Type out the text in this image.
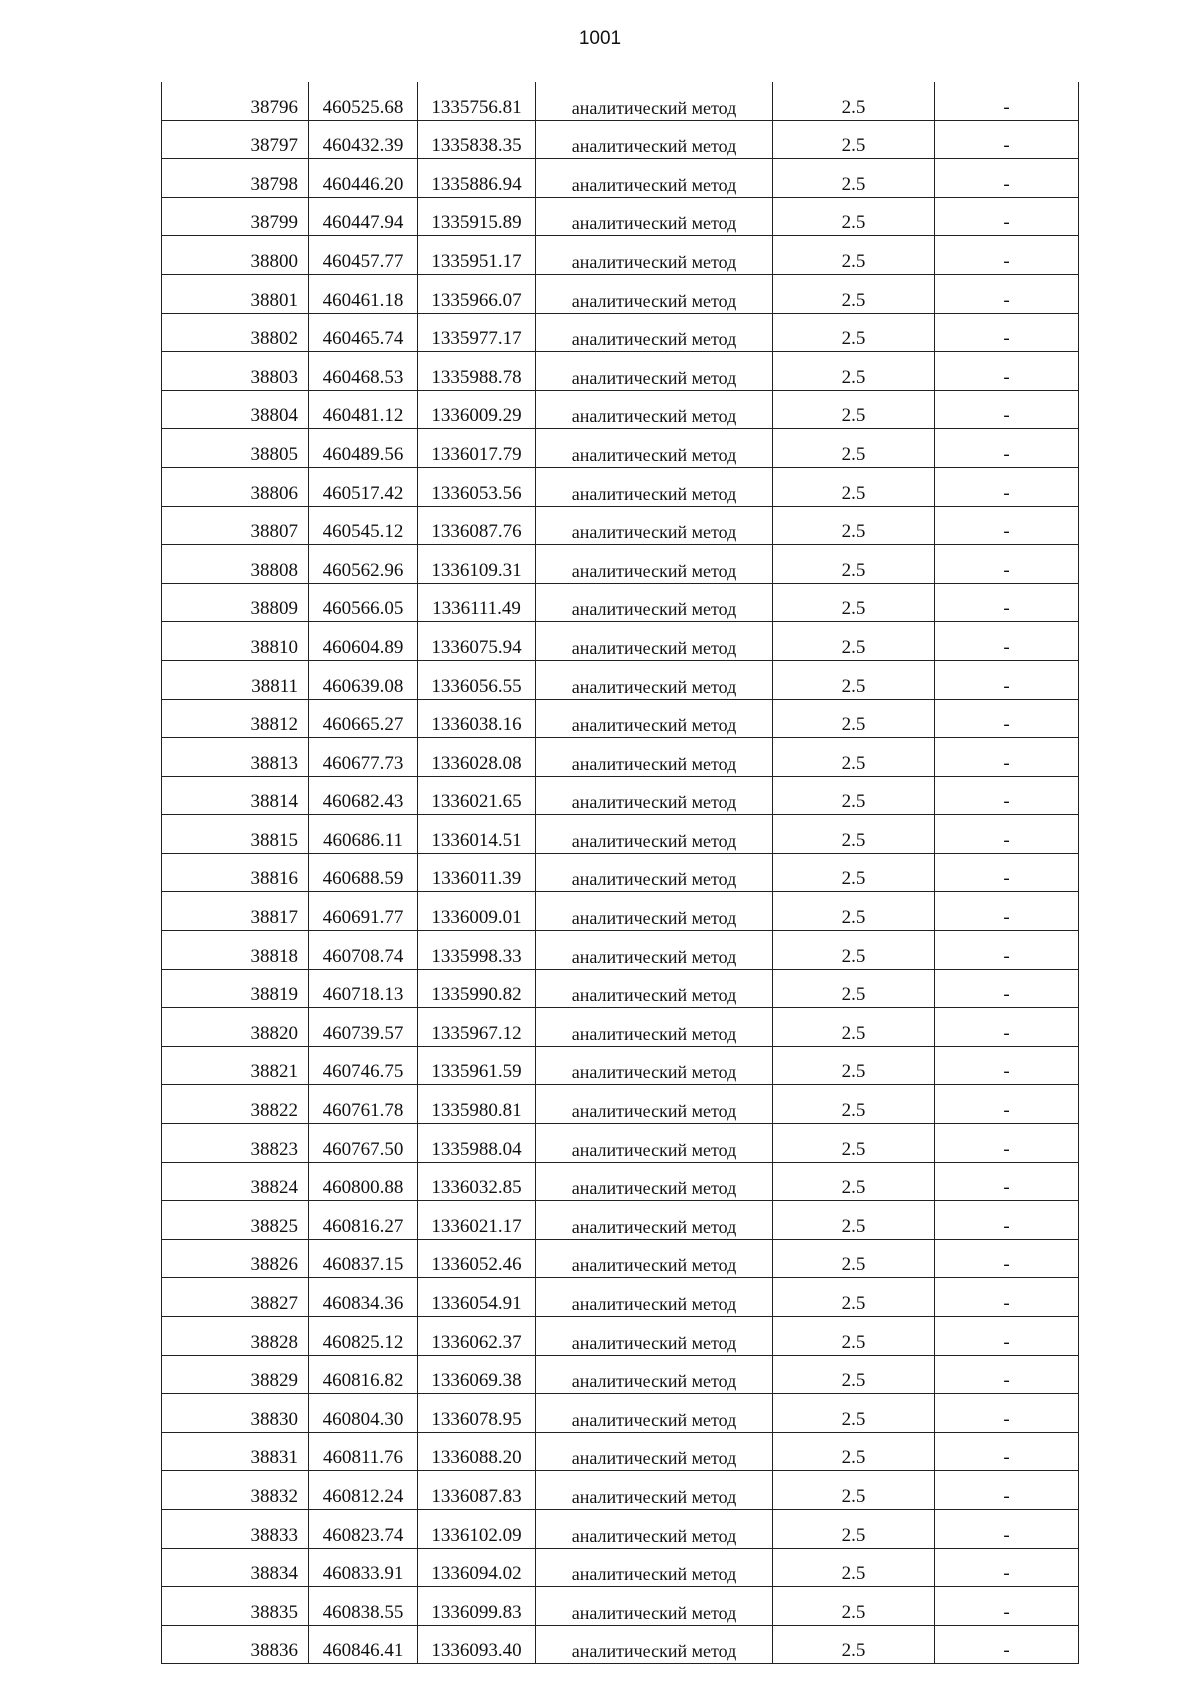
1001
38796	460525.68	1335756.81	аналитический метод	2.5	-
38797	460432.39	1335838.35	аналитический метод	2.5	-
38798	460446.20	1335886.94	аналитический метод	2.5	-
38799	460447.94	1335915.89	аналитический метод	2.5	-
38800	460457.77	1335951.17	аналитический метод	2.5	-
38801	460461.18	1335966.07	аналитический метод	2.5	-
38802	460465.74	1335977.17	аналитический метод	2.5	-
38803	460468.53	1335988.78	аналитический метод	2.5	-
38804	460481.12	1336009.29	аналитический метод	2.5	-
38805	460489.56	1336017.79	аналитический метод	2.5	-
38806	460517.42	1336053.56	аналитический метод	2.5	-
38807	460545.12	1336087.76	аналитический метод	2.5	-
38808	460562.96	1336109.31	аналитический метод	2.5	-
38809	460566.05	1336111.49	аналитический метод	2.5	-
38810	460604.89	1336075.94	аналитический метод	2.5	-
38811	460639.08	1336056.55	аналитический метод	2.5	-
38812	460665.27	1336038.16	аналитический метод	2.5	-
38813	460677.73	1336028.08	аналитический метод	2.5	-
38814	460682.43	1336021.65	аналитический метод	2.5	-
38815	460686.11	1336014.51	аналитический метод	2.5	-
38816	460688.59	1336011.39	аналитический метод	2.5	-
38817	460691.77	1336009.01	аналитический метод	2.5	-
38818	460708.74	1335998.33	аналитический метод	2.5	-
38819	460718.13	1335990.82	аналитический метод	2.5	-
38820	460739.57	1335967.12	аналитический метод	2.5	-
38821	460746.75	1335961.59	аналитический метод	2.5	-
38822	460761.78	1335980.81	аналитический метод	2.5	-
38823	460767.50	1335988.04	аналитический метод	2.5	-
38824	460800.88	1336032.85	аналитический метод	2.5	-
38825	460816.27	1336021.17	аналитический метод	2.5	-
38826	460837.15	1336052.46	аналитический метод	2.5	-
38827	460834.36	1336054.91	аналитический метод	2.5	-
38828	460825.12	1336062.37	аналитический метод	2.5	-
38829	460816.82	1336069.38	аналитический метод	2.5	-
38830	460804.30	1336078.95	аналитический метод	2.5	-
38831	460811.76	1336088.20	аналитический метод	2.5	-
38832	460812.24	1336087.83	аналитический метод	2.5	-
38833	460823.74	1336102.09	аналитический метод	2.5	-
38834	460833.91	1336094.02	аналитический метод	2.5	-
38835	460838.55	1336099.83	аналитический метод	2.5	-
38836	460846.41	1336093.40	аналитический метод	2.5	-
